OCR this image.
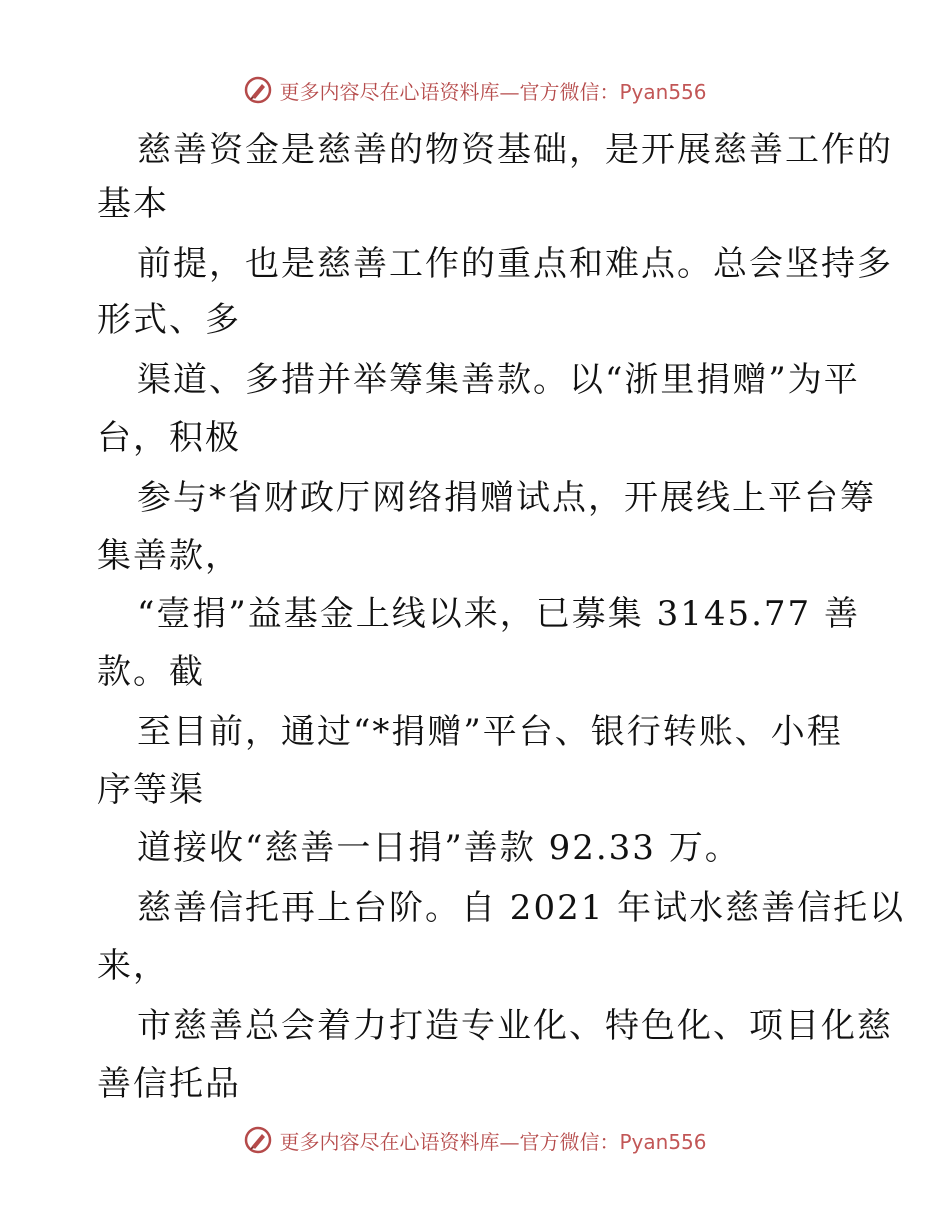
更多内容尽在心语资料库—官方微信：Pyan556
慈善资金是慈善的物资基础，是开展慈善工作的
基本
前提，也是慈善工作的重点和难点。总会坚持多
形式、多
渠道、多措并举筹集善款。以“浙里捐赠”为平
台，积极
参与*省财政厅网络捐赠试点，开展线上平台筹
集善款，
“壹捐”益基金上线以来，已募集 3145.77 善
款。截
至目前，通过“*捐赠”平台、银行转账、小程
序等渠
道接收“慈善一日捐”善款 92.33 万。
慈善信托再上台阶。自 2021 年试水慈善信托以
来，
市慈善总会着力打造专业化、特色化、项目化慈
善信托品
更多内容尽在心语资料库—官方微信：Pyan556
